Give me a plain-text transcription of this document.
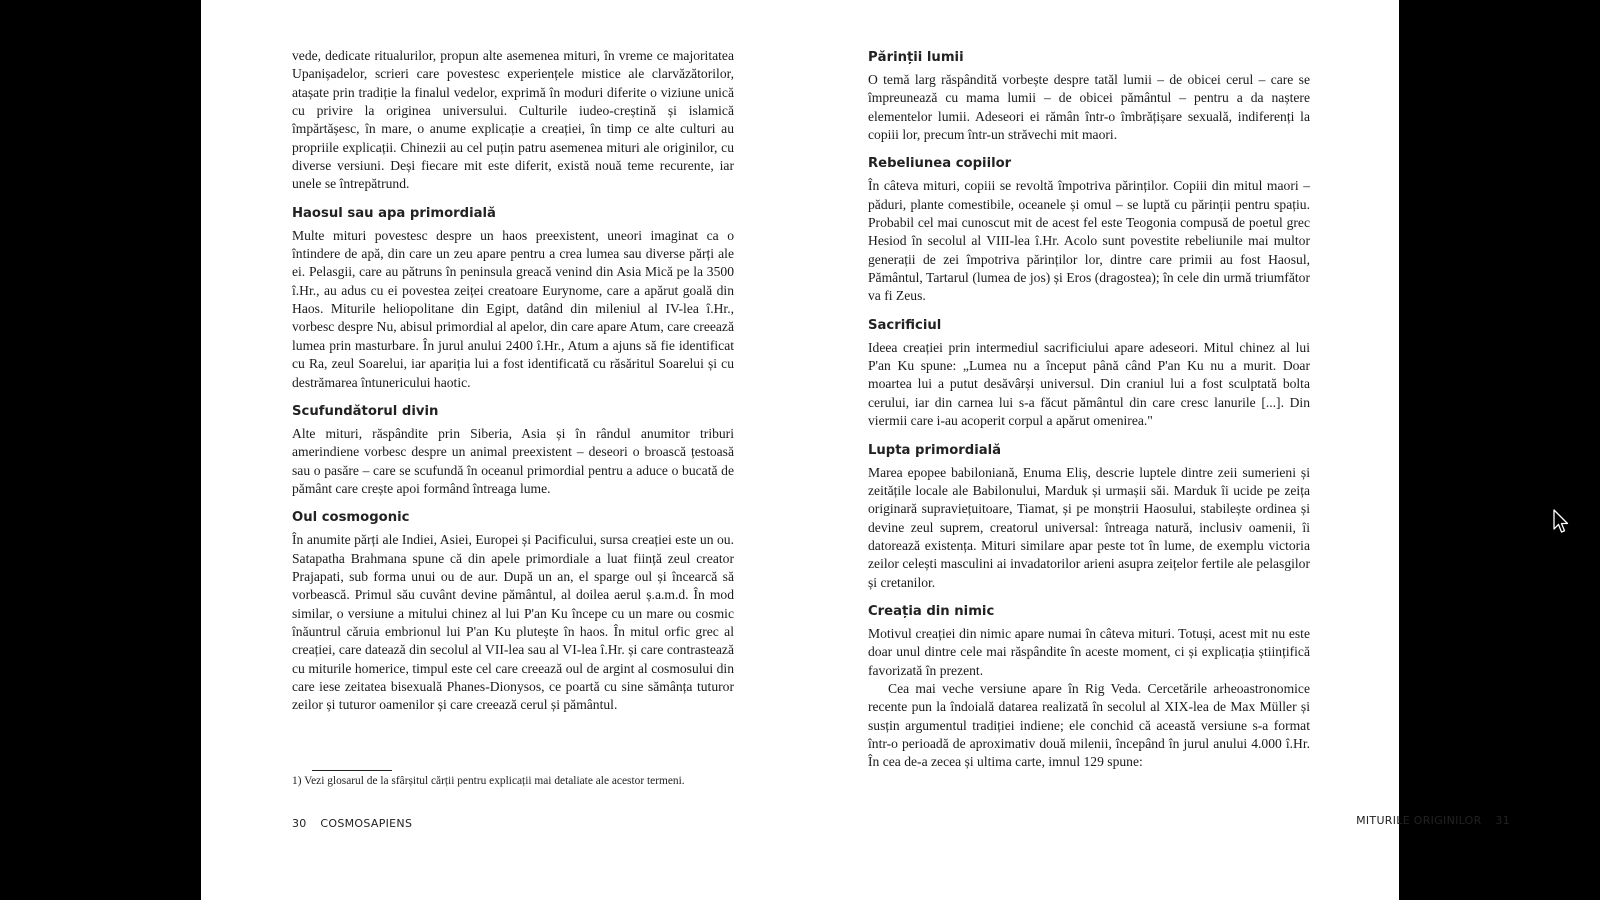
vede, dedicate ritualurilor, propun alte asemenea mituri, în vreme ce majoritatea Upanișadelor, scrieri care povestesc experiențele mistice ale clarvăzătorilor, atașate prin tradiție la finalul vedelor, exprimă în moduri diferite o viziune unică cu privire la originea universului. Culturile iudeo-creștină și islamică împărtășesc, în mare, o anume explicație a creației, în timp ce alte culturi au propriile explicații. Chinezii au cel puțin patru asemenea mituri ale originilor, cu diverse versiuni. Deși fiecare mit este diferit, există nouă teme recurente, iar unele se întrepătrund.

Haosul sau apa primordială

Multe mituri povestesc despre un haos preexistent, uneori imaginat ca o întindere de apă, din care un zeu apare pentru a crea lumea sau diverse părți ale ei. Pelasgii, care au pătruns în peninsula greacă venind din Asia Mică pe la 3500 î.Hr., au adus cu ei povestea zeiței creatoare Eurynome, care a apărut goală din Haos. Miturile heliopolitane din Egipt, datând din mileniul al IV-lea î.Hr., vorbesc despre Nu, abisul primordial al apelor, din care apare Atum, care creează lumea prin masturbare. În jurul anului 2400 î.Hr., Atum a ajuns să fie identificat cu Ra, zeul Soarelui, iar apariția lui a fost identificată cu răsăritul Soarelui și cu destrămarea întunericului haotic.

Scufundătorul divin

Alte mituri, răspândite prin Siberia, Asia și în rândul anumitor triburi amerindiene vorbesc despre un animal preexistent – deseori o broască țestoasă sau o pasăre – care se scufundă în oceanul primordial pentru a aduce o bucată de pământ care crește apoi formând întreaga lume.

Oul cosmogonic

În anumite părți ale Indiei, Asiei, Europei și Pacificului, sursa creației este un ou. Satapatha Brahmana spune că din apele primordiale a luat ființă zeul creator Prajapati, sub forma unui ou de aur. După un an, el sparge oul și încearcă să vorbească. Primul său cuvânt devine pământul, al doilea aerul ș.a.m.d. În mod similar, o versiune a mitului chinez al lui P'an Ku începe cu un mare ou cosmic înăuntrul căruia embrionul lui P'an Ku plutește în haos. În mitul orfic grec al creației, care datează din secolul al VII-lea sau al VI-lea î.Hr. și care contrastează cu miturile homerice, timpul este cel care creează oul de argint al cosmosului din care iese zeitatea bisexuală Phanes-Dionysos, ce poartă cu sine sămânța tuturor zeilor și tuturor oamenilor și care creează cerul și pământul.

1) Vezi glosarul de la sfârșitul cărții pentru explicații mai detaliate ale acestor termeni.

30 COSMOSAPIENS
Părinții lumii

O temă larg răspândită vorbește despre tatăl lumii – de obicei cerul – care se împreunează cu mama lumii – de obicei pământul – pentru a da naștere elementelor lumii. Adeseori ei rămân într-o îmbrățișare sexuală, indiferenți la copiii lor, precum într-un străvechi mit maori.

Rebeliunea copiilor

În câteva mituri, copiii se revoltă împotriva părinților. Copiii din mitul maori – păduri, plante comestibile, oceanele și omul – se luptă cu părinții pentru spațiu. Probabil cel mai cunoscut mit de acest fel este Teogonia compusă de poetul grec Hesiod în secolul al VIII-lea î.Hr. Acolo sunt povestite rebeliunile mai multor generații de zei împotriva părinților lor, dintre care primii au fost Haosul, Pământul, Tartarul (lumea de jos) și Eros (dragostea); în cele din urmă triumfător va fi Zeus.

Sacrificiul

Ideea creației prin intermediul sacrificiului apare adeseori. Mitul chinez al lui P'an Ku spune: „Lumea nu a început până când P'an Ku nu a murit. Doar moartea lui a putut desăvârși universul. Din craniul lui a fost sculptată bolta cerului, iar din carnea lui s-a făcut pământul din care cresc lanurile [...]. Din viermii care i-au acoperit corpul a apărut omenirea."

Lupta primordială

Marea epopee babiloniană, Enuma Eliș, descrie luptele dintre zeii sumerieni și zeitățile locale ale Babilonului, Marduk și urmașii săi. Marduk îi ucide pe zeița originară supraviețuitoare, Tiamat, și pe monștrii Haosului, stabilește ordinea și devine zeul suprem, creatorul universal: întreaga natură, inclusiv oamenii, îi datorează existența. Mituri similare apar peste tot în lume, de exemplu victoria zeilor celești masculini ai invadatorilor arieni asupra zeițelor fertile ale pelasgilor și cretanilor.

Creația din nimic

Motivul creației din nimic apare numai în câteva mituri. Totuși, acest mit nu este doar unul dintre cele mai răspândite în aceste moment, ci și explicația științifică favorizată în prezent.

Cea mai veche versiune apare în Rig Veda. Cercetările arheoastronomice recente pun la îndoială datarea realizată în secolul al XIX-lea de Max Müller și susțin argumentul tradiției indiene; ele conchid că această versiune s-a format într-o perioadă de aproximativ două milenii, începând în jurul anului 4.000 î.Hr. În cea de-a zecea și ultima carte, imnul 129 spune:

MITURILE ORIGINILOR 31
